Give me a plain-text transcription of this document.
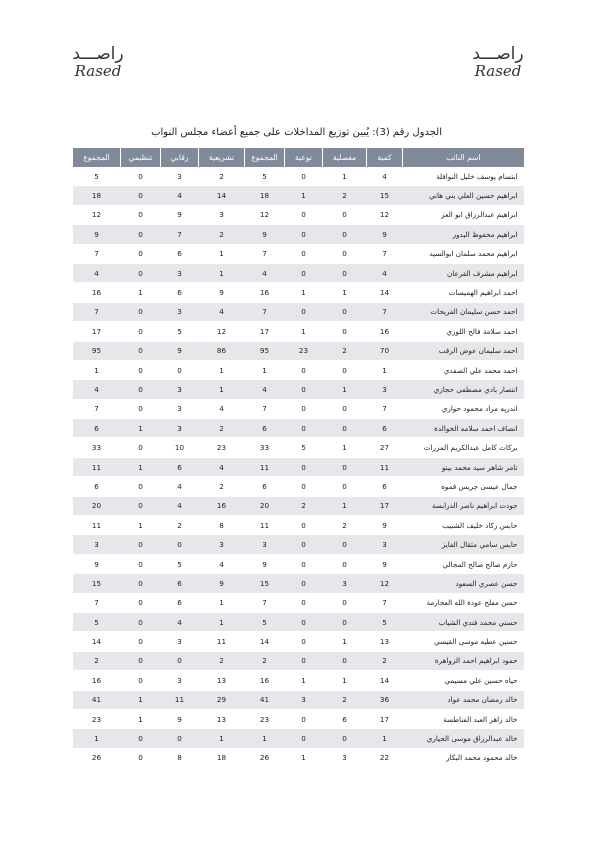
راصـــد
Rased
راصـــد
Rased
الجدول رقم (3): يُبين توزيع المداخلات على جميع أعضاء مجلس النواب
المجموع	تنظيمي	رقابي	تشريعية	المجموع	نوعية	مفصلية	كمية	اسم النائب
5	0	3	2	5	0	1	4	ابتسام يوسف خليل النوافلة
18	0	4	14	18	1	2	15	ابراهيم حسين العلي بني هاني
12	0	9	3	12	0	0	12	ابراهيم عبدالرزاق ابو العز
9	0	7	2	9	0	0	9	ابراهيم محفوظ البدور
7	0	6	1	7	0	0	7	ابراهيم محمد سلمان ابوالسيد
4	0	3	1	4	0	0	4	ابراهيم مشرف القرعان
16	1	6	9	16	1	1	14	احمد ابراهيم الهميسات
7	0	3	4	7	0	0	7	احمد حسن سليمان الفريحات
17	0	5	12	17	1	0	16	احمد سلامة فالح اللوزي
95	0	9	86	95	23	2	70	احمد سليمان عوض الرقب
1	0	0	1	1	0	0	1	احمد محمد علي الصفدي
4	0	3	1	4	0	1	3	انتصار بادي مصطفى حجازي
7	0	3	4	7	0	0	7	اندريه مراد محمود حواري
6	1	3	2	6	0	0	6	انصاف احمد سلامه الخوالدة
33	0	10	23	33	5	1	27	بركات كامل عبدالكريم المزرات
11	1	6	4	11	0	0	11	تامر شاهر سيد محمد بينو
6	0	4	2	6	0	0	6	جمال عيسى جريس قموه
20	0	4	16	20	2	1	17	جودت ابراهيم ناصر الدرابسة
11	1	2	8	11	0	2	9	حابس ركاد خليف الشبيب
3	0	0	3	3	0	0	3	حابس سامي مثقال الفايز
9	0	5	4	9	0	0	9	حازم صالح صالح المجالي
15	0	6	9	15	0	3	12	حسن عصري السعود
7	0	6	1	7	0	0	7	حسن مفلح عودة الله العجارمة
5	0	4	1	5	0	0	5	حسني محمد فندي الشياب
14	0	3	11	14	0	1	13	حسين عطيه موسى القيسي
2	0	0	2	2	0	0	2	حمود ابراهيم احمد الزواهرة
16	0	3	13	16	1	1	14	حياه حسين علي مسيمي
41	1	11	29	41	3	2	36	خالد رمضان محمد عواد
23	1	9	13	23	0	6	17	خالد زاهر العبد الفناطسة
1	0	0	1	1	0	0	1	خالد عبدالرزاق موسى الحياري
26	0	8	18	26	1	3	22	خالد محمود محمد البكار
